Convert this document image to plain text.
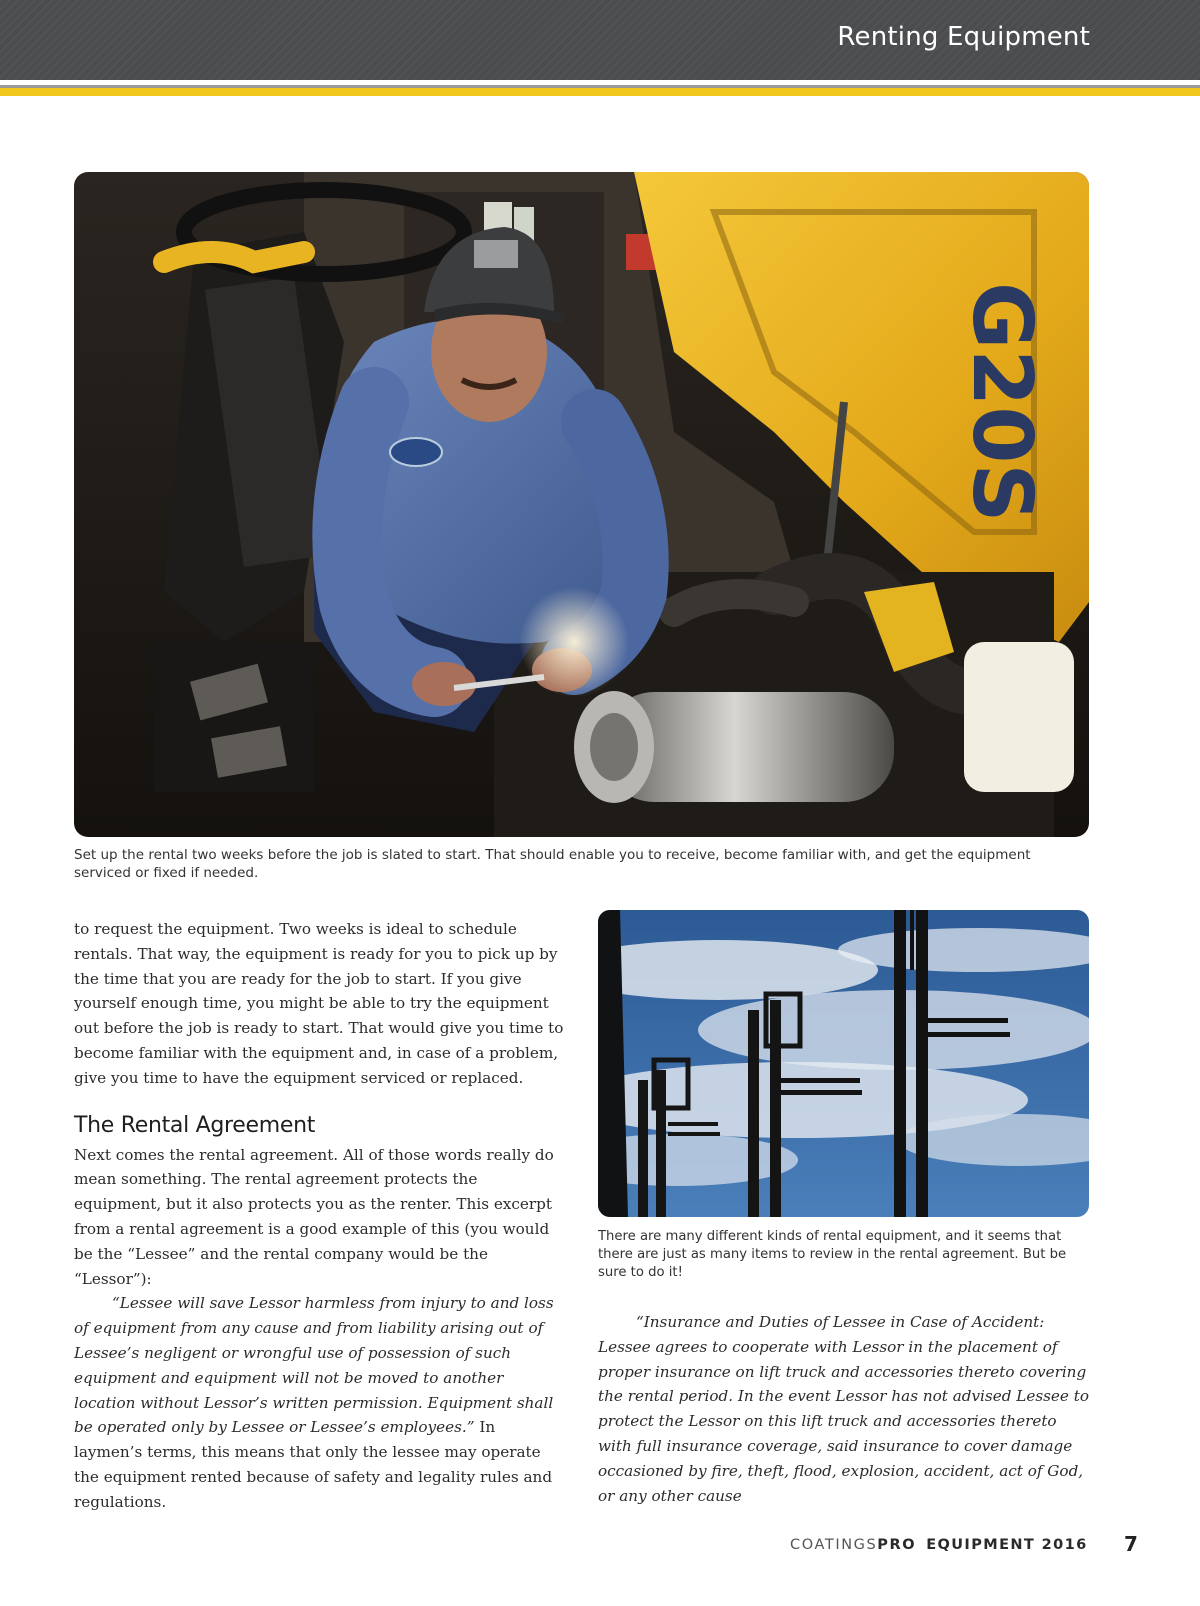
Renting Equipment
G20S
Set up the rental two weeks before the job is slated to start. That should enable you to receive, become familiar with, and get the equipment serviced or fixed if needed.

to request the equipment. Two weeks is ideal to schedule rentals. That way, the equipment is ready for you to pick up by the time that you are ready for the job to start. If you give yourself enough time, you might be able to try the equipment out before the job is ready to start. That would give you time to become familiar with the equipment and, in case of a problem, give you time to have the equipment serviced or replaced.

The Rental Agreement

Next comes the rental agreement. All of those words really do mean something. The rental agreement protects the equipment, but it also protects you as the renter. This excerpt from a rental agreement is a good example of this (you would be the “Lessee” and the rental company would be the “Lessor”):

“Lessee will save Lessor harmless from injury to and loss of equipment from any cause and from liability arising out of Lessee’s negligent or wrongful use of possession of such equipment and equipment will not be moved to another location without Lessor’s written permission. Equipment shall be operated only by Lessee or Lessee’s employees.” In laymen’s terms, this means that only the lessee may operate the equipment rented because of safety and legality rules and regulations.

There are many different kinds of rental equipment, and it seems that there are just as many items to review in the rental agreement. But be sure to do it!

“Insurance and Duties of Lessee in Case of Accident: Lessee agrees to cooperate with Lessor in the placement of proper insurance on lift truck and accessories thereto covering the rental period. In the event Lessor has not advised Lessee to protect the Lessor on this lift truck and accessories thereto with full insurance coverage, said insurance to cover damage occasioned by fire, theft, flood, explosion, accident, act of God, or any other cause

COATINGSPRO EQUIPMENT 2016 7
